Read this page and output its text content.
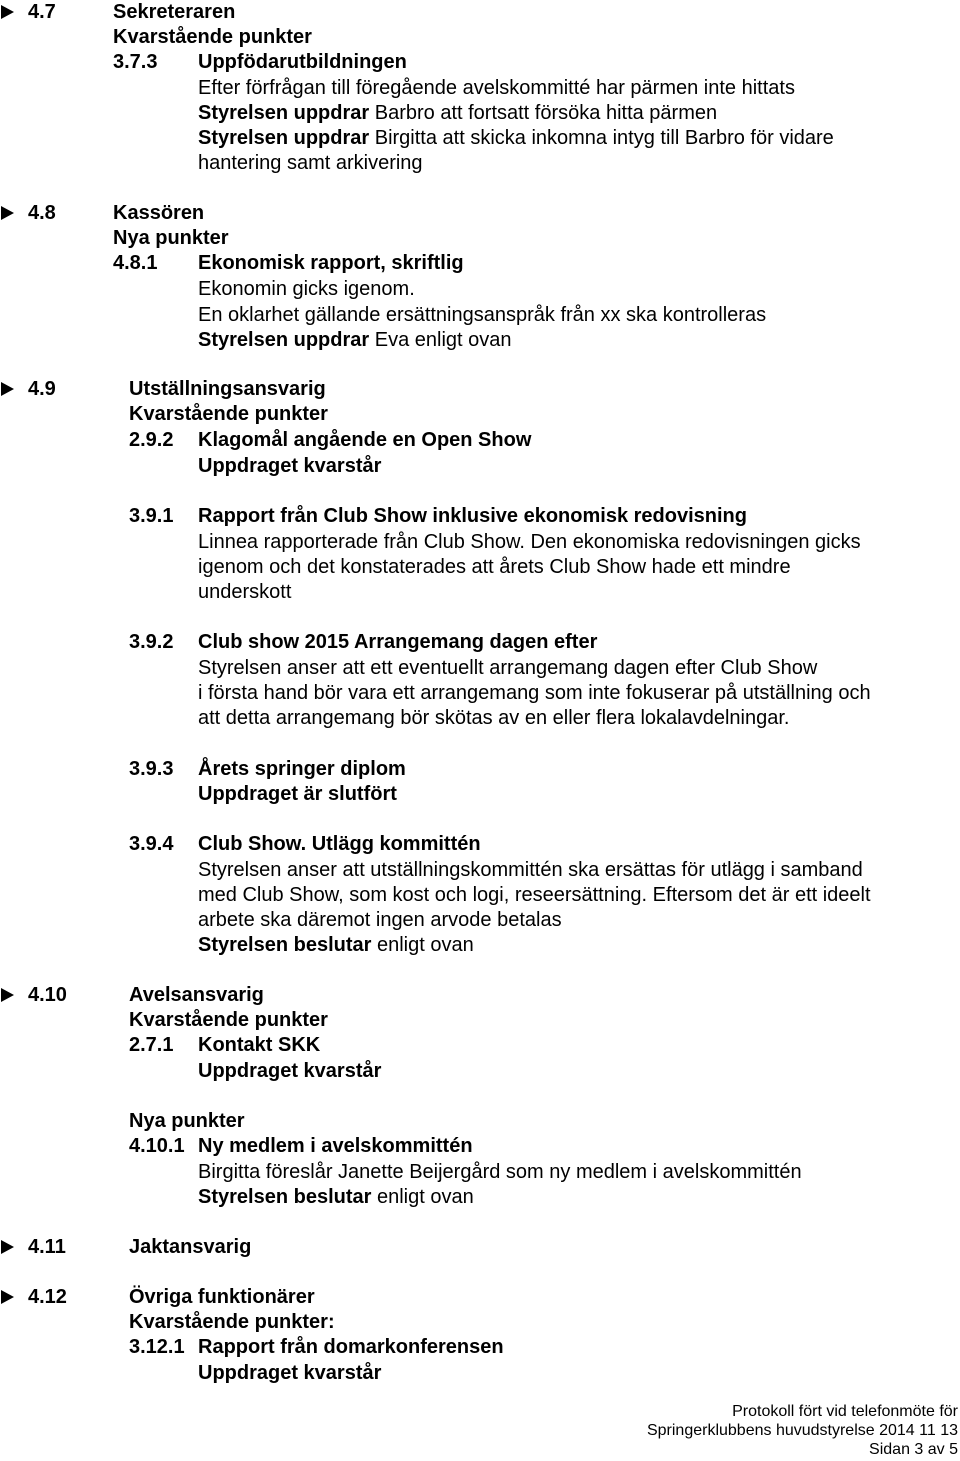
4.7	Sekreteraren
Kvarstående punkter
3.7.3 Uppfödarutbildningen
Efter förfrågan till föregående avelskommitté har pärmen inte hittats
Styrelsen uppdrar Barbro att fortsatt försöka hitta pärmen
Styrelsen uppdrar Birgitta att skicka inkomna intyg till Barbro för vidare
hantering samt arkivering
4.8	Kassören
Nya punkter
4.8.1 Ekonomisk rapport, skriftlig
Ekonomin gicks igenom.
En oklarhet gällande ersättningsanspråk från xx ska kontrolleras
Styrelsen uppdrar Eva enligt ovan
4.9	Utställningsansvarig
Kvarstående punkter
2.9.2 Klagomål angående en Open Show
Uppdraget kvarstår
3.9.1 Rapport från Club Show inklusive ekonomisk redovisning
Linnea rapporterade från Club Show. Den ekonomiska redovisningen gicks
igenom och det konstaterades att årets Club Show hade ett mindre
underskott
3.9.2 Club show 2015 Arrangemang dagen efter
Styrelsen anser att ett eventuellt arrangemang dagen efter Club Show
i första hand bör vara ett arrangemang som inte fokuserar på utställning och
att detta arrangemang bör skötas av en eller flera lokalavdelningar.
3.9.3 Årets springer diplom
Uppdraget är slutfört
3.9.4 Club Show. Utlägg kommittén
Styrelsen anser att utställningskommittén ska ersättas för utlägg i samband
med Club Show, som kost och logi, reseersättning. Eftersom det är ett ideelt
arbete ska däremot ingen arvode betalas
Styrelsen beslutar enligt ovan
4.10	Avelsansvarig
Kvarstående punkter
2.7.1 Kontakt SKK
Uppdraget kvarstår
Nya punkter
4.10.1 Ny medlem i avelskommittén
Birgitta föreslår Janette Beijergård som ny medlem i avelskommittén
Styrelsen beslutar enligt ovan
4.11	Jaktansvarig
4.12	Övriga funktionärer
Kvarstående punkter:
3.12.1 Rapport från domarkonferensen
Uppdraget kvarstår
Protokoll fört vid telefonmöte för
Springerklubbens huvudstyrelse 2014 11 13
Sidan 3 av 5
